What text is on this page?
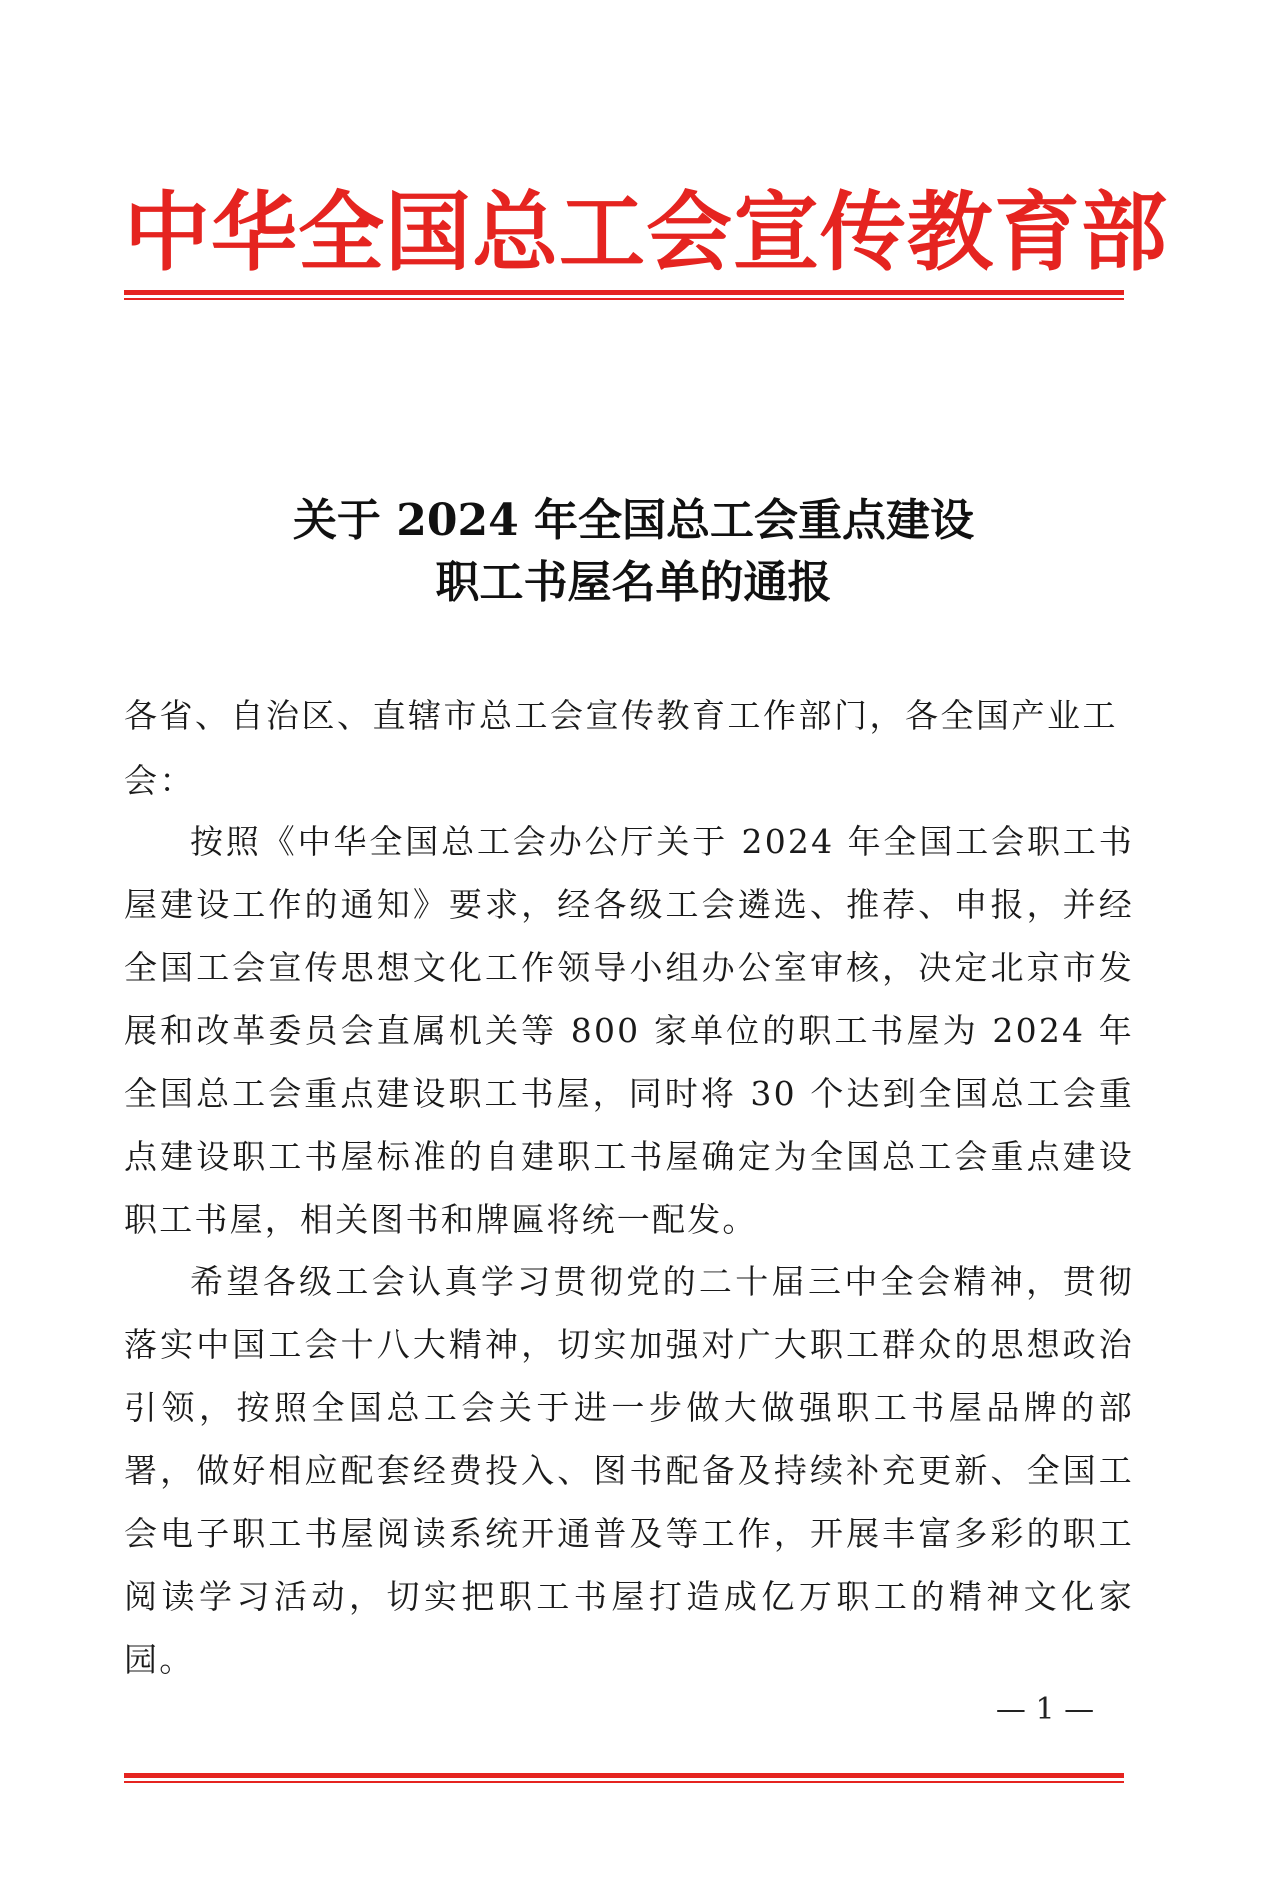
中华全国总工会宣传教育部
关于 2024 年全国总工会重点建设
职工书屋名单的通报
各省、自治区、直辖市总工会宣传教育工作部门，各全国产业工会：

按照《中华全国总工会办公厅关于 2024 年全国工会职工书屋建设工作的通知》要求，经各级工会遴选、推荐、申报，并经全国工会宣传思想文化工作领导小组办公室审核，决定北京市发展和改革委员会直属机关等 800 家单位的职工书屋为 2024 年全国总工会重点建设职工书屋，同时将 30 个达到全国总工会重点建设职工书屋标准的自建职工书屋确定为全国总工会重点建设职工书屋，相关图书和牌匾将统一配发。

希望各级工会认真学习贯彻党的二十届三中全会精神，贯彻落实中国工会十八大精神，切实加强对广大职工群众的思想政治引领，按照全国总工会关于进一步做大做强职工书屋品牌的部署，做好相应配套经费投入、图书配备及持续补充更新、全国工会电子职工书屋阅读系统开通普及等工作，开展丰富多彩的职工阅读学习活动，切实把职工书屋打造成亿万职工的精神文化家园。

— 1 —
